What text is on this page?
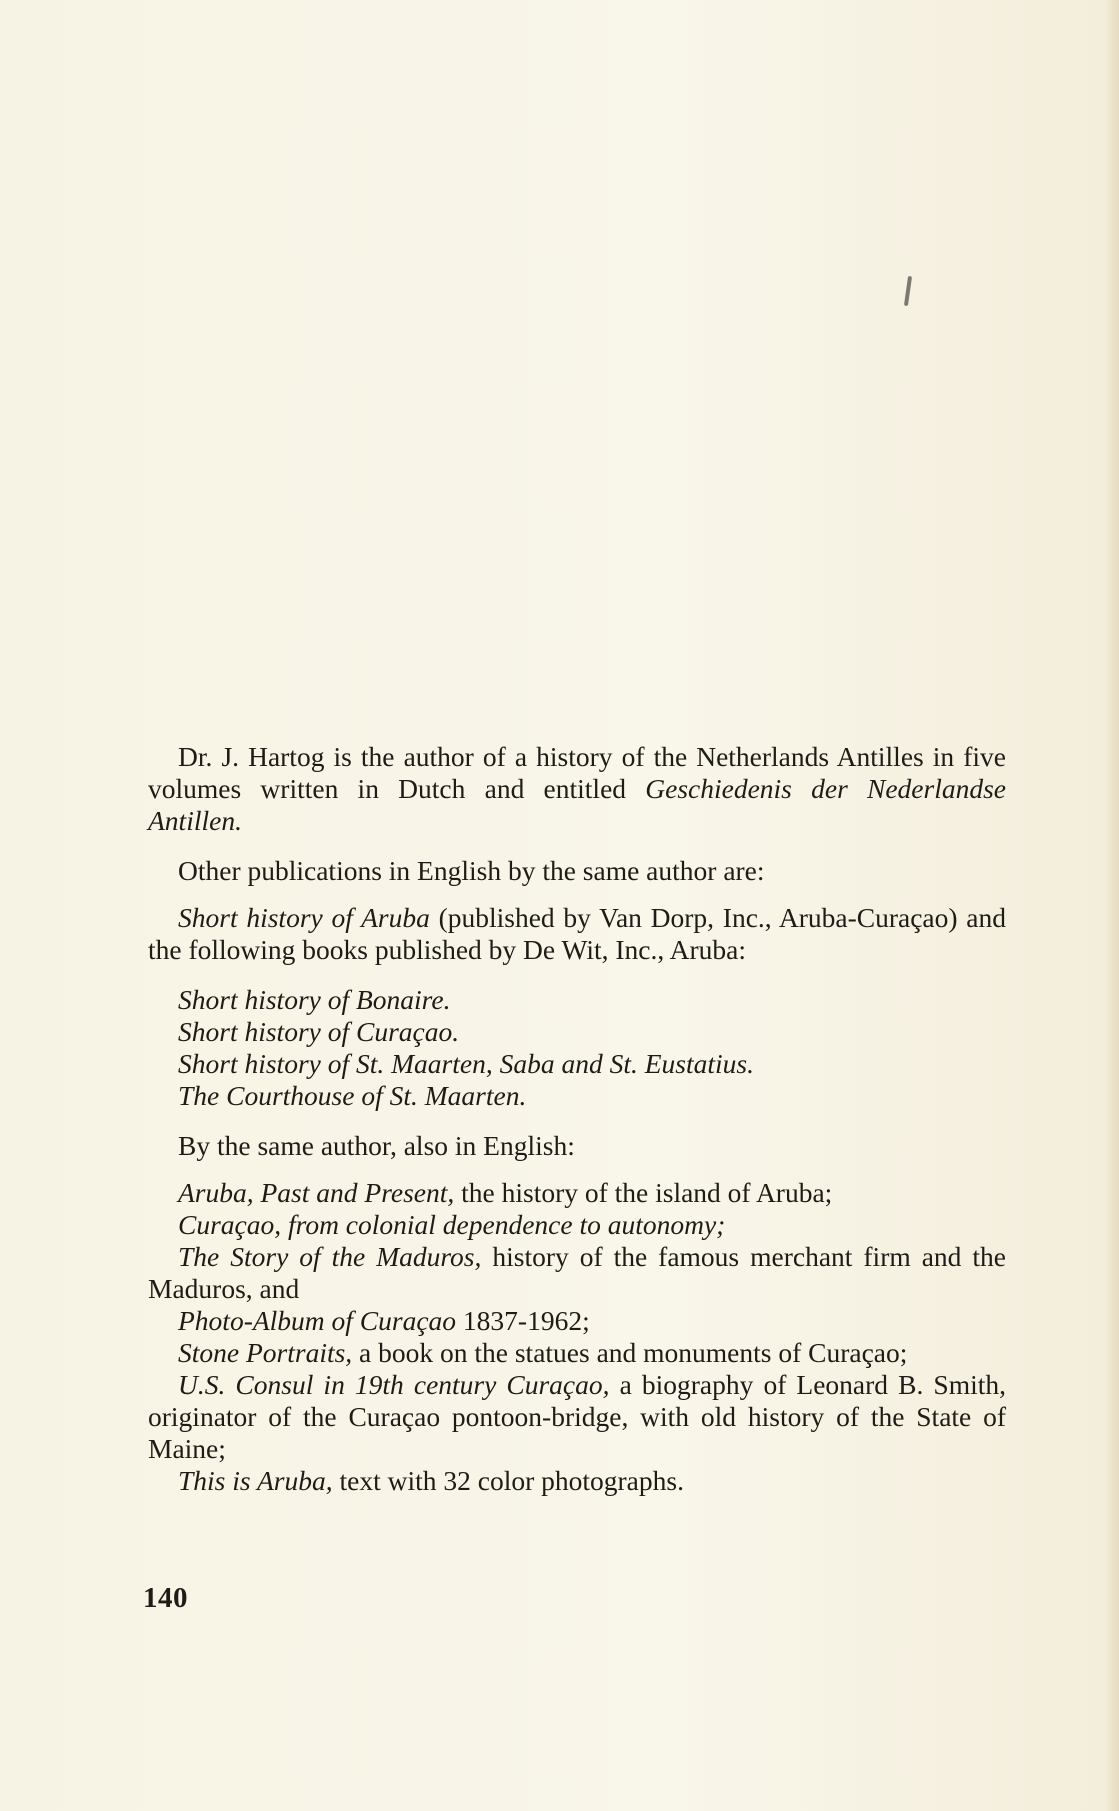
Dr. J. Hartog is the author of a history of the Netherlands Antilles in five volumes written in Dutch and entitled Geschiedenis der Nederlandse Antillen.

Other publications in English by the same author are:

Short history of Aruba (published by Van Dorp, Inc., Aruba-Curaçao) and the following books published by De Wit, Inc., Aruba:

Short history of Bonaire.

Short history of Curaçao.

Short history of St. Maarten, Saba and St. Eustatius.

The Courthouse of St. Maarten.

By the same author, also in English:

Aruba, Past and Present, the history of the island of Aruba;

Curaçao, from colonial dependence to autonomy;

The Story of the Maduros, history of the famous merchant firm and the Maduros, and

Photo-Album of Curaçao 1837-1962;

Stone Portraits, a book on the statues and monuments of Curaçao;

U.S. Consul in 19th century Curaçao, a biography of Leonard B. Smith, originator of the Curaçao pontoon-bridge, with old history of the State of Maine;

This is Aruba, text with 32 color photographs.

140
